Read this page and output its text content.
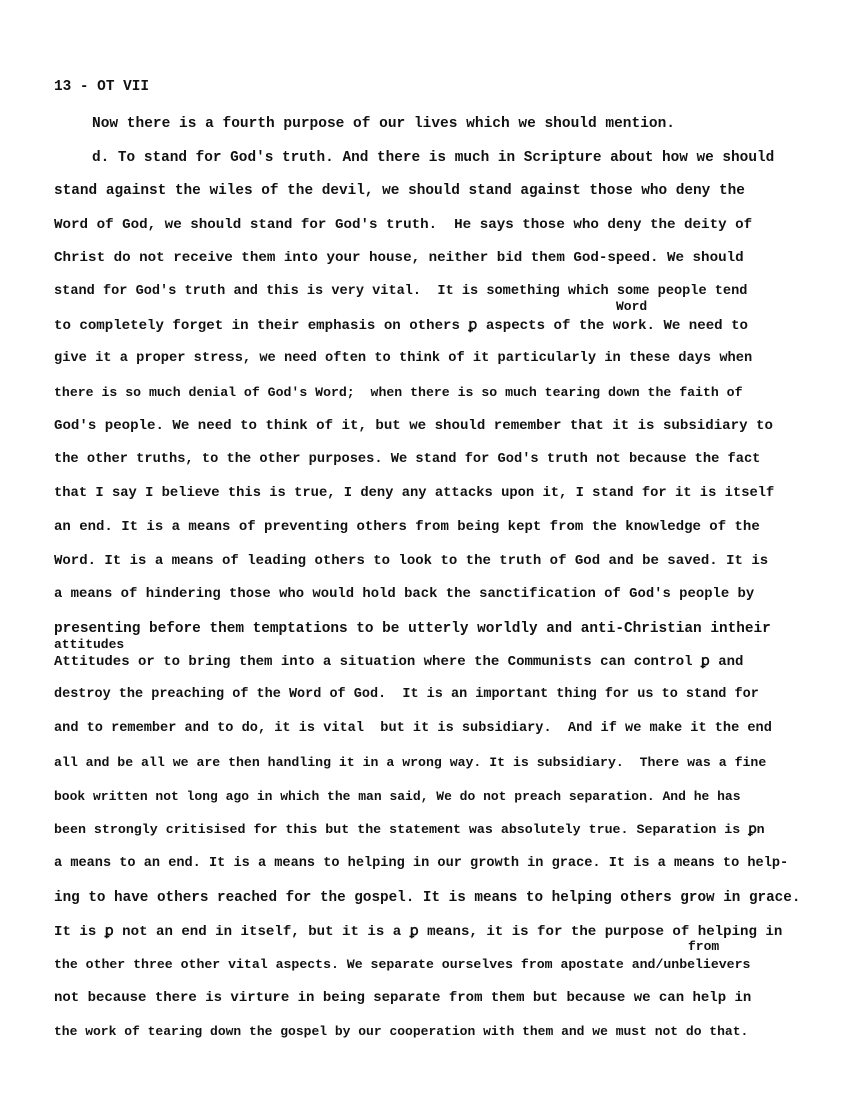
13 - OT VII
Now there is a fourth purpose of our lives which we should mention.
d. To stand for God's truth. And there is much in Scripture about how we should
stand against the wiles of the devil, we should stand against those who deny the
Word of God, we should stand for God's truth.  He says those who deny the deity of
Christ do not receive them into your house, neither bid them God-speed. We should
stand for God's truth and this is very vital.  It is something which some people tend
Word
to completely forget in their emphasis on others ꝑ aspects of the work. We need to
give it a proper stress, we need often to think of it particularly in these days when
there is so much denial of God's Word;  when there is so much tearing down the faith of
God's people. We need to think of it, but we should remember that it is subsidiary to
the other truths, to the other purposes. We stand for God's truth not because the fact
that I say I believe this is true, I deny any attacks upon it, I stand for it is itself
an end. It is a means of preventing others from being kept from the knowledge of the
Word. It is a means of leading others to look to the truth of God and be saved. It is
a means of hindering those who would hold back the sanctification of God's people by
presenting before them temptations to be utterly worldly and anti-Christian intheir
attitudes
Attitudes or to bring them into a situation where the Communists can control ꝑ and
destroy the preaching of the Word of God.  It is an important thing for us to stand for
and to remember and to do, it is vital  but it is subsidiary.  And if we make it the end
all and be all we are then handling it in a wrong way. It is subsidiary.  There was a fine
book written not long ago in which the man said, We do not preach separation. And he has
been strongly critisised for this but the statement was absolutely true. Separation is ꝑn
a means to an end. It is a means to helping in our growth in grace. It is a means to help-
ing to have others reached for the gospel. It is means to helping others grow in grace.
It is ꝑ not an end in itself, but it is a ꝑ means, it is for the purpose of helping in
from
the other three other vital aspects. We separate ourselves from apostate and/unbelievers
not because there is virture in being separate from them but because we can help in
the work of tearing down the gospel by our cooperation with them and we must not do that.
